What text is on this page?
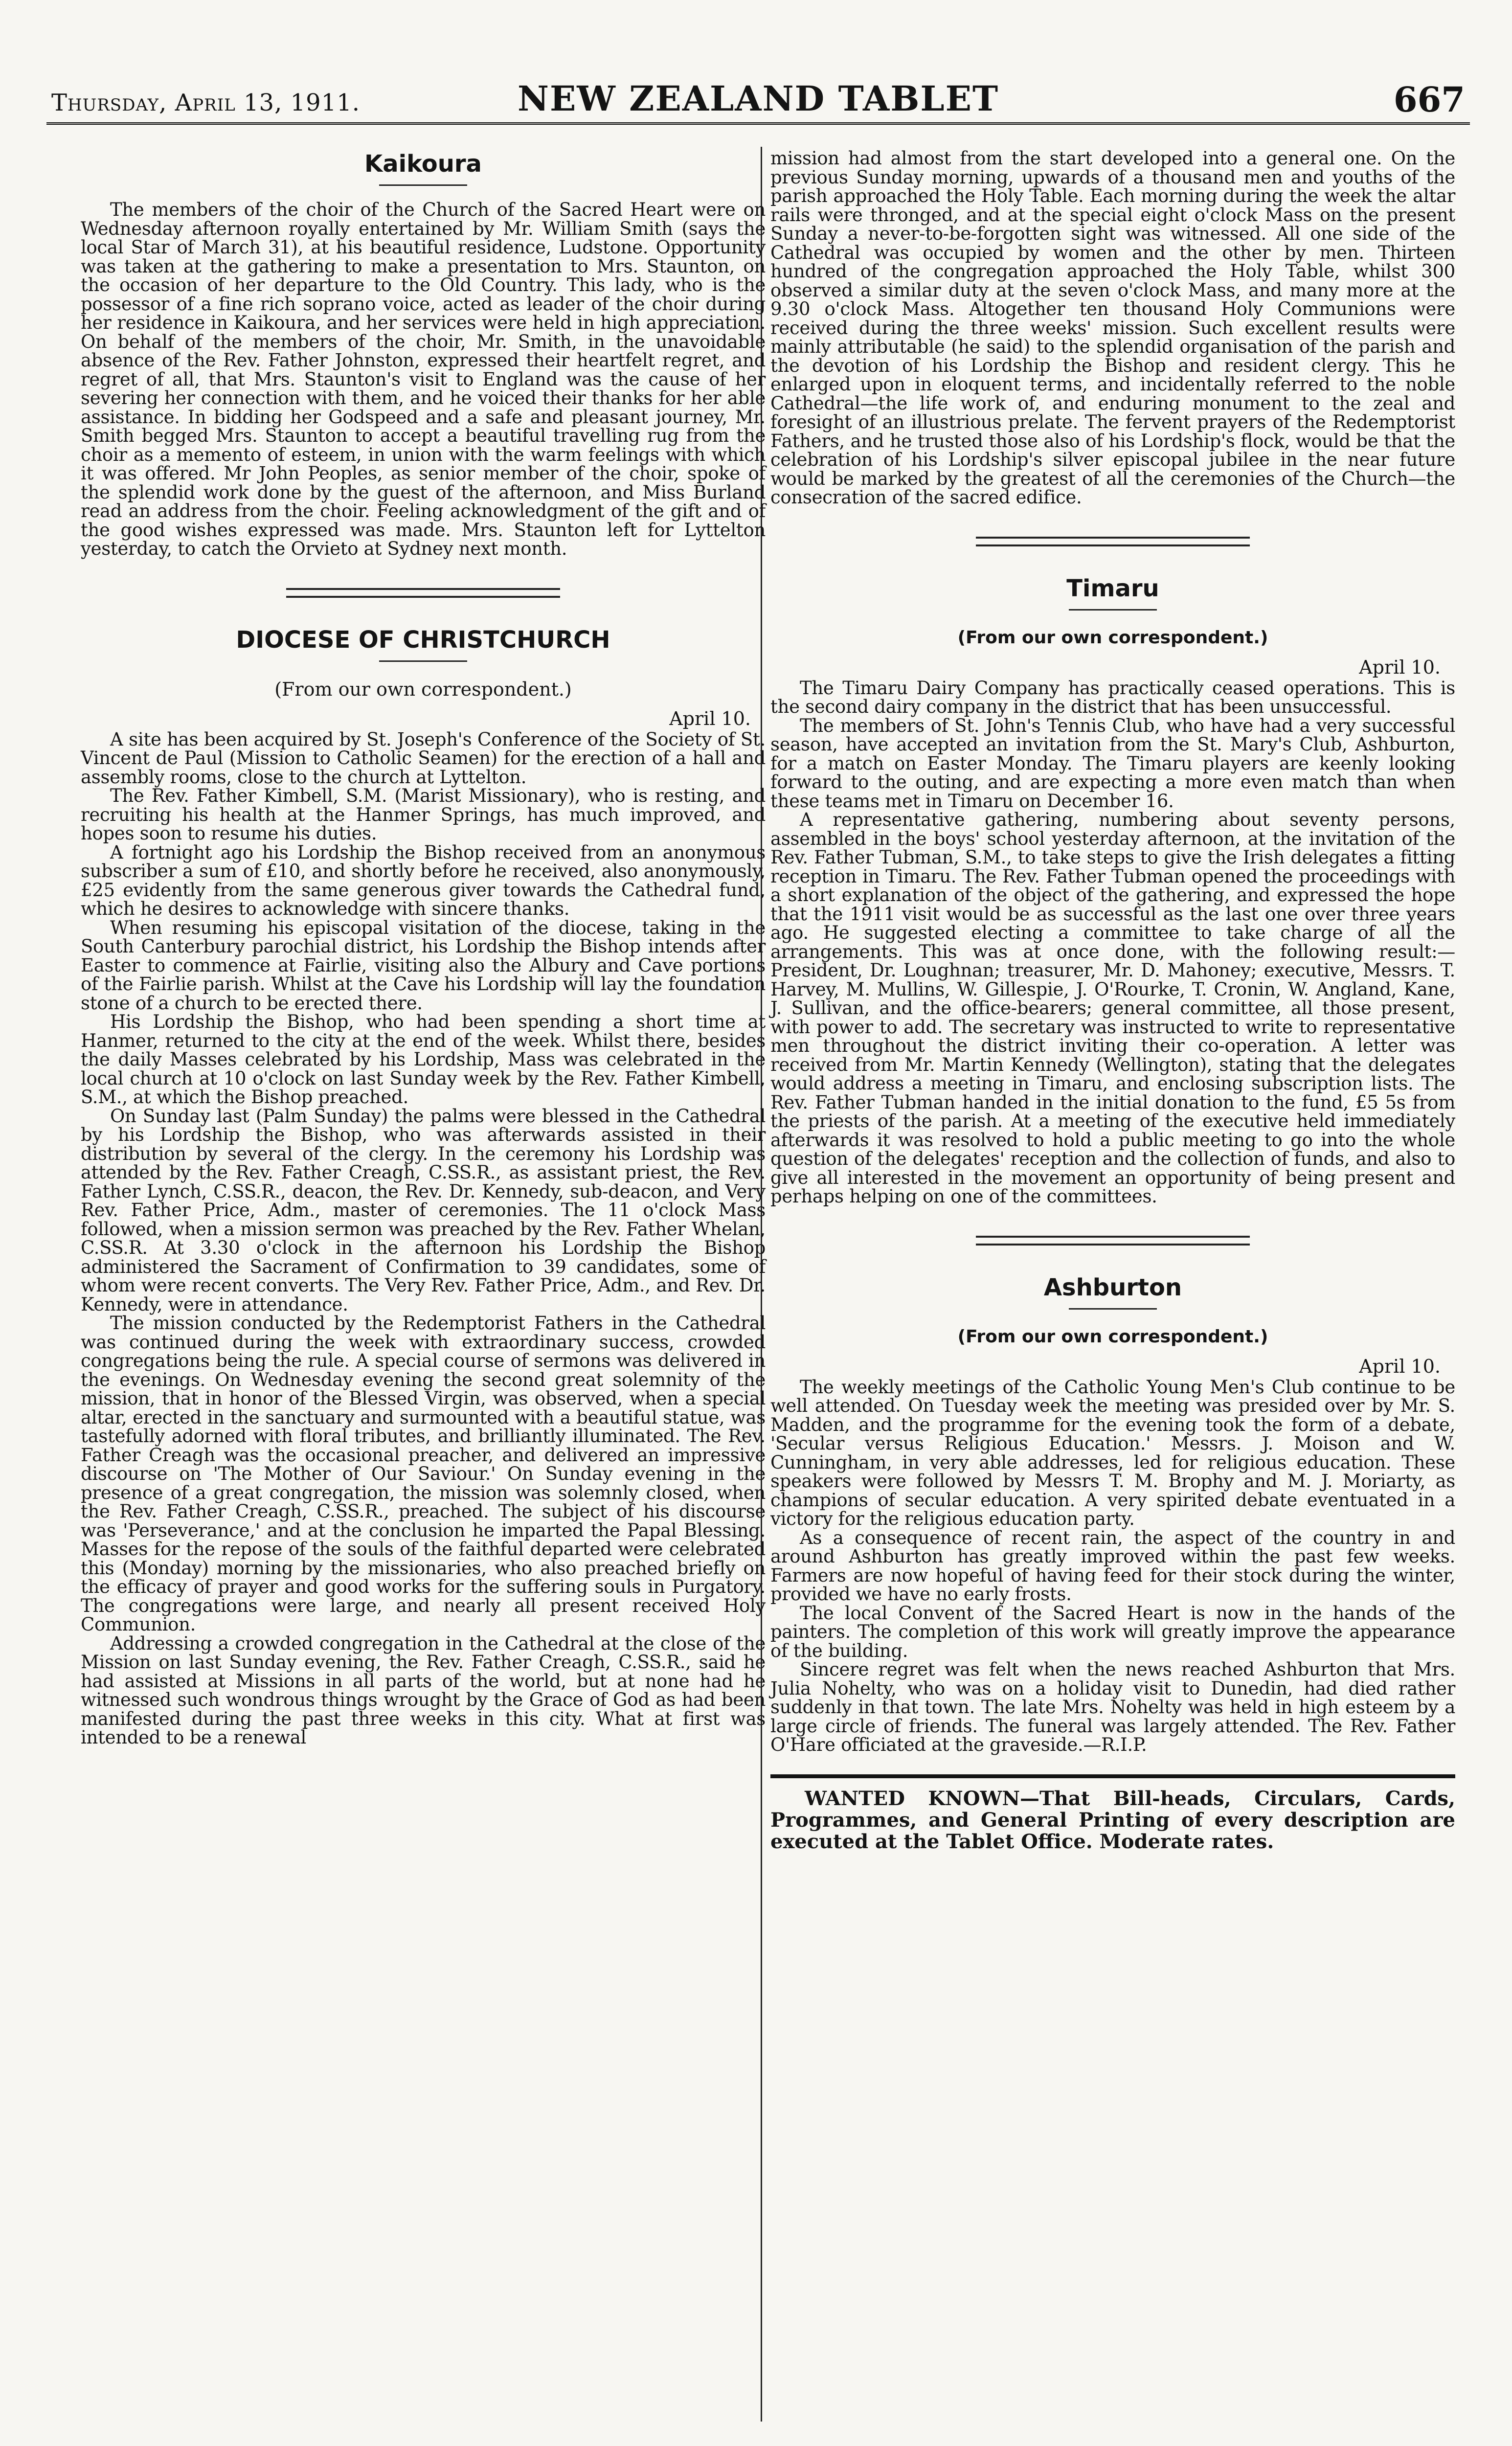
Thursday, April 13, 1911.	NEW ZEALAND TABLET	667
Kaikoura

The members of the choir of the Church of the Sacred Heart were on Wednesday afternoon royally entertained by Mr. William Smith (says the local Star of March 31), at his beautiful residence, Ludstone. Opportunity was taken at the gathering to make a presentation to Mrs. Staunton, on the occasion of her departure to the Old Country. This lady, who is the possessor of a fine rich soprano voice, acted as leader of the choir during her residence in Kaikoura, and her services were held in high appreciation. On behalf of the members of the choir, Mr. Smith, in the unavoidable absence of the Rev. Father Johnston, expressed their heartfelt regret, and regret of all, that Mrs. Staunton's visit to England was the cause of her severing her connection with them, and he voiced their thanks for her able assistance. In bidding her Godspeed and a safe and pleasant journey, Mr. Smith begged Mrs. Staunton to accept a beautiful travelling rug from the choir as a memento of esteem, in union with the warm feelings with which it was offered. Mr John Peoples, as senior member of the choir, spoke of the splendid work done by the guest of the afternoon, and Miss Burland read an address from the choir. Feeling acknowledgment of the gift and of the good wishes expressed was made. Mrs. Staunton left for Lyttelton yesterday, to catch the Orvieto at Sydney next month.

DIOCESE OF CHRISTCHURCH
(From our own correspondent.)
April 10.

A site has been acquired by St. Joseph's Conference of the Society of St. Vincent de Paul (Mission to Catholic Seamen) for the erection of a hall and assembly rooms, close to the church at Lyttelton.

The Rev. Father Kimbell, S.M. (Marist Missionary), who is resting, and recruiting his health at the Hanmer Springs, has much improved, and hopes soon to resume his duties.

A fortnight ago his Lordship the Bishop received from an anonymous subscriber a sum of £10, and shortly before he received, also anonymously, £25 evidently from the same generous giver towards the Cathedral fund, which he desires to acknowledge with sincere thanks.

When resuming his episcopal visitation of the diocese, taking in the South Canterbury parochial district, his Lordship the Bishop intends after Easter to commence at Fairlie, visiting also the Albury and Cave portions of the Fairlie parish. Whilst at the Cave his Lordship will lay the foundation stone of a church to be erected there.

His Lordship the Bishop, who had been spending a short time at Hanmer, returned to the city at the end of the week. Whilst there, besides the daily Masses celebrated by his Lordship, Mass was celebrated in the local church at 10 o'clock on last Sunday week by the Rev. Father Kimbell, S.M., at which the Bishop preached.

On Sunday last (Palm Sunday) the palms were blessed in the Cathedral by his Lordship the Bishop, who was afterwards assisted in their distribution by several of the clergy. In the ceremony his Lordship was attended by the Rev. Father Creagh, C.SS.R., as assistant priest, the Rev. Father Lynch, C.SS.R., deacon, the Rev. Dr. Kennedy, sub-deacon, and Very Rev. Father Price, Adm., master of ceremonies. The 11 o'clock Mass followed, when a mission sermon was preached by the Rev. Father Whelan, C.SS.R. At 3.30 o'clock in the afternoon his Lordship the Bishop administered the Sacrament of Confirmation to 39 candidates, some of whom were recent converts. The Very Rev. Father Price, Adm., and Rev. Dr. Kennedy, were in attendance.

The mission conducted by the Redemptorist Fathers in the Cathedral was continued during the week with extraordinary success, crowded congregations being the rule. A special course of sermons was delivered in the evenings. On Wednesday evening the second great solemnity of the mission, that in honor of the Blessed Virgin, was observed, when a special altar, erected in the sanctuary and surmounted with a beautiful statue, was tastefully adorned with floral tributes, and brilliantly illuminated. The Rev. Father Creagh was the occasional preacher, and delivered an impressive discourse on 'The Mother of Our Saviour.' On Sunday evening in the presence of a great congregation, the mission was solemnly closed, when the Rev. Father Creagh, C.SS.R., preached. The subject of his discourse was 'Perseverance,' and at the conclusion he imparted the Papal Blessing. Masses for the repose of the souls of the faithful departed were celebrated this (Monday) morning by the missionaries, who also preached briefly on the efficacy of prayer and good works for the suffering souls in Purgatory. The congregations were large, and nearly all present received Holy Communion.

Addressing a crowded congregation in the Cathedral at the close of the Mission on last Sunday evening, the Rev. Father Creagh, C.SS.R., said he had assisted at Missions in all parts of the world, but at none had he witnessed such wondrous things wrought by the Grace of God as had been manifested during the past three weeks in this city. What at first was intended to be a renewal

mission had almost from the start developed into a general one. On the previous Sunday morning, upwards of a thousand men and youths of the parish approached the Holy Table. Each morning during the week the altar rails were thronged, and at the special eight o'clock Mass on the present Sunday a never-to-be-forgotten sight was witnessed. All one side of the Cathedral was occupied by women and the other by men. Thirteen hundred of the congregation approached the Holy Table, whilst 300 observed a similar duty at the seven o'clock Mass, and many more at the 9.30 o'clock Mass. Altogether ten thousand Holy Communions were received during the three weeks' mission. Such excellent results were mainly attributable (he said) to the splendid organisation of the parish and the devotion of his Lordship the Bishop and resident clergy. This he enlarged upon in eloquent terms, and incidentally referred to the noble Cathedral—the life work of, and enduring monument to the zeal and foresight of an illustrious prelate. The fervent prayers of the Redemptorist Fathers, and he trusted those also of his Lordship's flock, would be that the celebration of his Lordship's silver episcopal jubilee in the near future would be marked by the greatest of all the ceremonies of the Church—the consecration of the sacred edifice.

Timaru
(From our own correspondent.)
April 10.

The Timaru Dairy Company has practically ceased operations. This is the second dairy company in the district that has been unsuccessful.

The members of St. John's Tennis Club, who have had a very successful season, have accepted an invitation from the St. Mary's Club, Ashburton, for a match on Easter Monday. The Timaru players are keenly looking forward to the outing, and are expecting a more even match than when these teams met in Timaru on December 16.

A representative gathering, numbering about seventy persons, assembled in the boys' school yesterday afternoon, at the invitation of the Rev. Father Tubman, S.M., to take steps to give the Irish delegates a fitting reception in Timaru. The Rev. Father Tubman opened the proceedings with a short explanation of the object of the gathering, and expressed the hope that the 1911 visit would be as successful as the last one over three years ago. He suggested electing a committee to take charge of all the arrangements. This was at once done, with the following result:—President, Dr. Loughnan; treasurer, Mr. D. Mahoney; executive, Messrs. T. Harvey, M. Mullins, W. Gillespie, J. O'Rourke, T. Cronin, W. Angland, Kane, J. Sullivan, and the office-bearers; general committee, all those present, with power to add. The secretary was instructed to write to representative men throughout the district inviting their co-operation. A letter was received from Mr. Martin Kennedy (Wellington), stating that the delegates would address a meeting in Timaru, and enclosing subscription lists. The Rev. Father Tubman handed in the initial donation to the fund, £5 5s from the priests of the parish. At a meeting of the executive held immediately afterwards it was resolved to hold a public meeting to go into the whole question of the delegates' reception and the collection of funds, and also to give all interested in the movement an opportunity of being present and perhaps helping on one of the committees.

Ashburton
(From our own correspondent.)
April 10.

The weekly meetings of the Catholic Young Men's Club continue to be well attended. On Tuesday week the meeting was presided over by Mr. S. Madden, and the programme for the evening took the form of a debate, 'Secular versus Religious Education.' Messrs. J. Moison and W. Cunningham, in very able addresses, led for religious education. These speakers were followed by Messrs T. M. Brophy and M. J. Moriarty, as champions of secular education. A very spirited debate eventuated in a victory for the religious education party.

As a consequence of recent rain, the aspect of the country in and around Ashburton has greatly improved within the past few weeks. Farmers are now hopeful of having feed for their stock during the winter, provided we have no early frosts.

The local Convent of the Sacred Heart is now in the hands of the painters. The completion of this work will greatly improve the appearance of the building.

Sincere regret was felt when the news reached Ashburton that Mrs. Julia Nohelty, who was on a holiday visit to Dunedin, had died rather suddenly in that town. The late Mrs. Nohelty was held in high esteem by a large circle of friends. The funeral was largely attended. The Rev. Father O'Hare officiated at the graveside.—R.I.P.

WANTED KNOWN—That Bill-heads, Circulars, Cards, Programmes, and General Printing of every description are executed at the Tablet Office. Moderate rates.
